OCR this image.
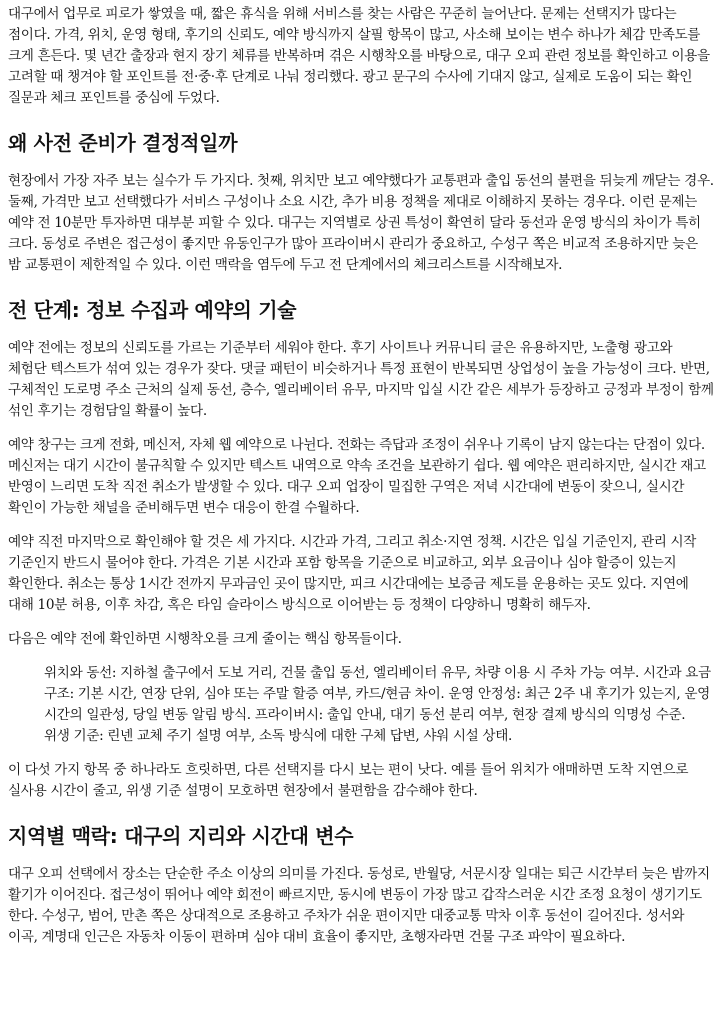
대구에서 업무로 피로가 쌓였을 때, 짧은 휴식을 위해 서비스를 찾는 사람은 꾸준히 늘어난다. 문제는 선택지가 많다는 점이다. 가격, 위치, 운영 형태, 후기의 신뢰도, 예약 방식까지 살필 항목이 많고, 사소해 보이는 변수 하나가 체감 만족도를 크게 흔든다. 몇 년간 출장과 현지 장기 체류를 반복하며 겪은 시행착오를 바탕으로, 대구 오피 관련 정보를 확인하고 이용을 고려할 때 챙겨야 할 포인트를 전·중·후 단계로 나눠 정리했다. 광고 문구의 수사에 기대지 않고, 실제로 도움이 되는 확인 질문과 체크 포인트를 중심에 두었다.

왜 사전 준비가 결정적일까

현장에서 가장 자주 보는 실수가 두 가지다. 첫째, 위치만 보고 예약했다가 교통편과 출입 동선의 불편을 뒤늦게 깨닫는 경우. 둘째, 가격만 보고 선택했다가 서비스 구성이나 소요 시간, 추가 비용 정책을 제대로 이해하지 못하는 경우다. 이런 문제는 예약 전 10분만 투자하면 대부분 피할 수 있다. 대구는 지역별로 상권 특성이 확연히 달라 동선과 운영 방식의 차이가 특히 크다. 동성로 주변은 접근성이 좋지만 유동인구가 많아 프라이버시 관리가 중요하고, 수성구 쪽은 비교적 조용하지만 늦은 밤 교통편이 제한적일 수 있다. 이런 맥락을 염두에 두고 전 단계에서의 체크리스트를 시작해보자.

전 단계: 정보 수집과 예약의 기술

예약 전에는 정보의 신뢰도를 가르는 기준부터 세워야 한다. 후기 사이트나 커뮤니티 글은 유용하지만, 노출형 광고와 체험단 텍스트가 섞여 있는 경우가 잦다. 댓글 패턴이 비슷하거나 특정 표현이 반복되면 상업성이 높을 가능성이 크다. 반면, 구체적인 도로명 주소 근처의 실제 동선, 층수, 엘리베이터 유무, 마지막 입실 시간 같은 세부가 등장하고 긍정과 부정이 함께 섞인 후기는 경험담일 확률이 높다.

예약 창구는 크게 전화, 메신저, 자체 웹 예약으로 나뉜다. 전화는 즉답과 조정이 쉬우나 기록이 남지 않는다는 단점이 있다. 메신저는 대기 시간이 불규칙할 수 있지만 텍스트 내역으로 약속 조건을 보관하기 쉽다. 웹 예약은 편리하지만, 실시간 재고 반영이 느리면 도착 직전 취소가 발생할 수 있다. 대구 오피 업장이 밀집한 구역은 저녁 시간대에 변동이 잦으니, 실시간 확인이 가능한 채널을 준비해두면 변수 대응이 한결 수월하다.

예약 직전 마지막으로 확인해야 할 것은 세 가지다. 시간과 가격, 그리고 취소·지연 정책. 시간은 입실 기준인지, 관리 시작 기준인지 반드시 물어야 한다. 가격은 기본 시간과 포함 항목을 기준으로 비교하고, 외부 요금이나 심야 할증이 있는지 확인한다. 취소는 통상 1시간 전까지 무과금인 곳이 많지만, 피크 시간대에는 보증금 제도를 운용하는 곳도 있다. 지연에 대해 10분 허용, 이후 차감, 혹은 타임 슬라이스 방식으로 이어받는 등 정책이 다양하니 명확히 해두자.

다음은 예약 전에 확인하면 시행착오를 크게 줄이는 핵심 항목들이다.

위치와 동선: 지하철 출구에서 도보 거리, 건물 출입 동선, 엘리베이터 유무, 차량 이용 시 주차 가능 여부.

시간과 요금 구조: 기본 시간, 연장 단위, 심야 또는 주말 할증 여부, 카드/현금 차이.

운영 안정성: 최근 2주 내 후기가 있는지, 운영 시간의 일관성, 당일 변동 알림 방식.

프라이버시: 출입 안내, 대기 동선 분리 여부, 현장 결제 방식의 익명성 수준.

위생 기준: 린넨 교체 주기 설명 여부, 소독 방식에 대한 구체 답변, 샤워 시설 상태.

이 다섯 가지 항목 중 하나라도 흐릿하면, 다른 선택지를 다시 보는 편이 낫다. 예를 들어 위치가 애매하면 도착 지연으로 실사용 시간이 줄고, 위생 기준 설명이 모호하면 현장에서 불편함을 감수해야 한다.

지역별 맥락: 대구의 지리와 시간대 변수

대구 오피 선택에서 장소는 단순한 주소 이상의 의미를 가진다. 동성로, 반월당, 서문시장 일대는 퇴근 시간부터 늦은 밤까지 활기가 이어진다. 접근성이 뛰어나 예약 회전이 빠르지만, 동시에 변동이 가장 많고 갑작스러운 시간 조정 요청이 생기기도 한다. 수성구, 범어, 만촌 쪽은 상대적으로 조용하고 주차가 쉬운 편이지만 대중교통 막차 이후 동선이 길어진다. 성서와 이곡, 계명대 인근은 자동차 이동이 편하며 심야 대비 효율이 좋지만, 초행자라면 건물 구조 파악이 필요하다.
